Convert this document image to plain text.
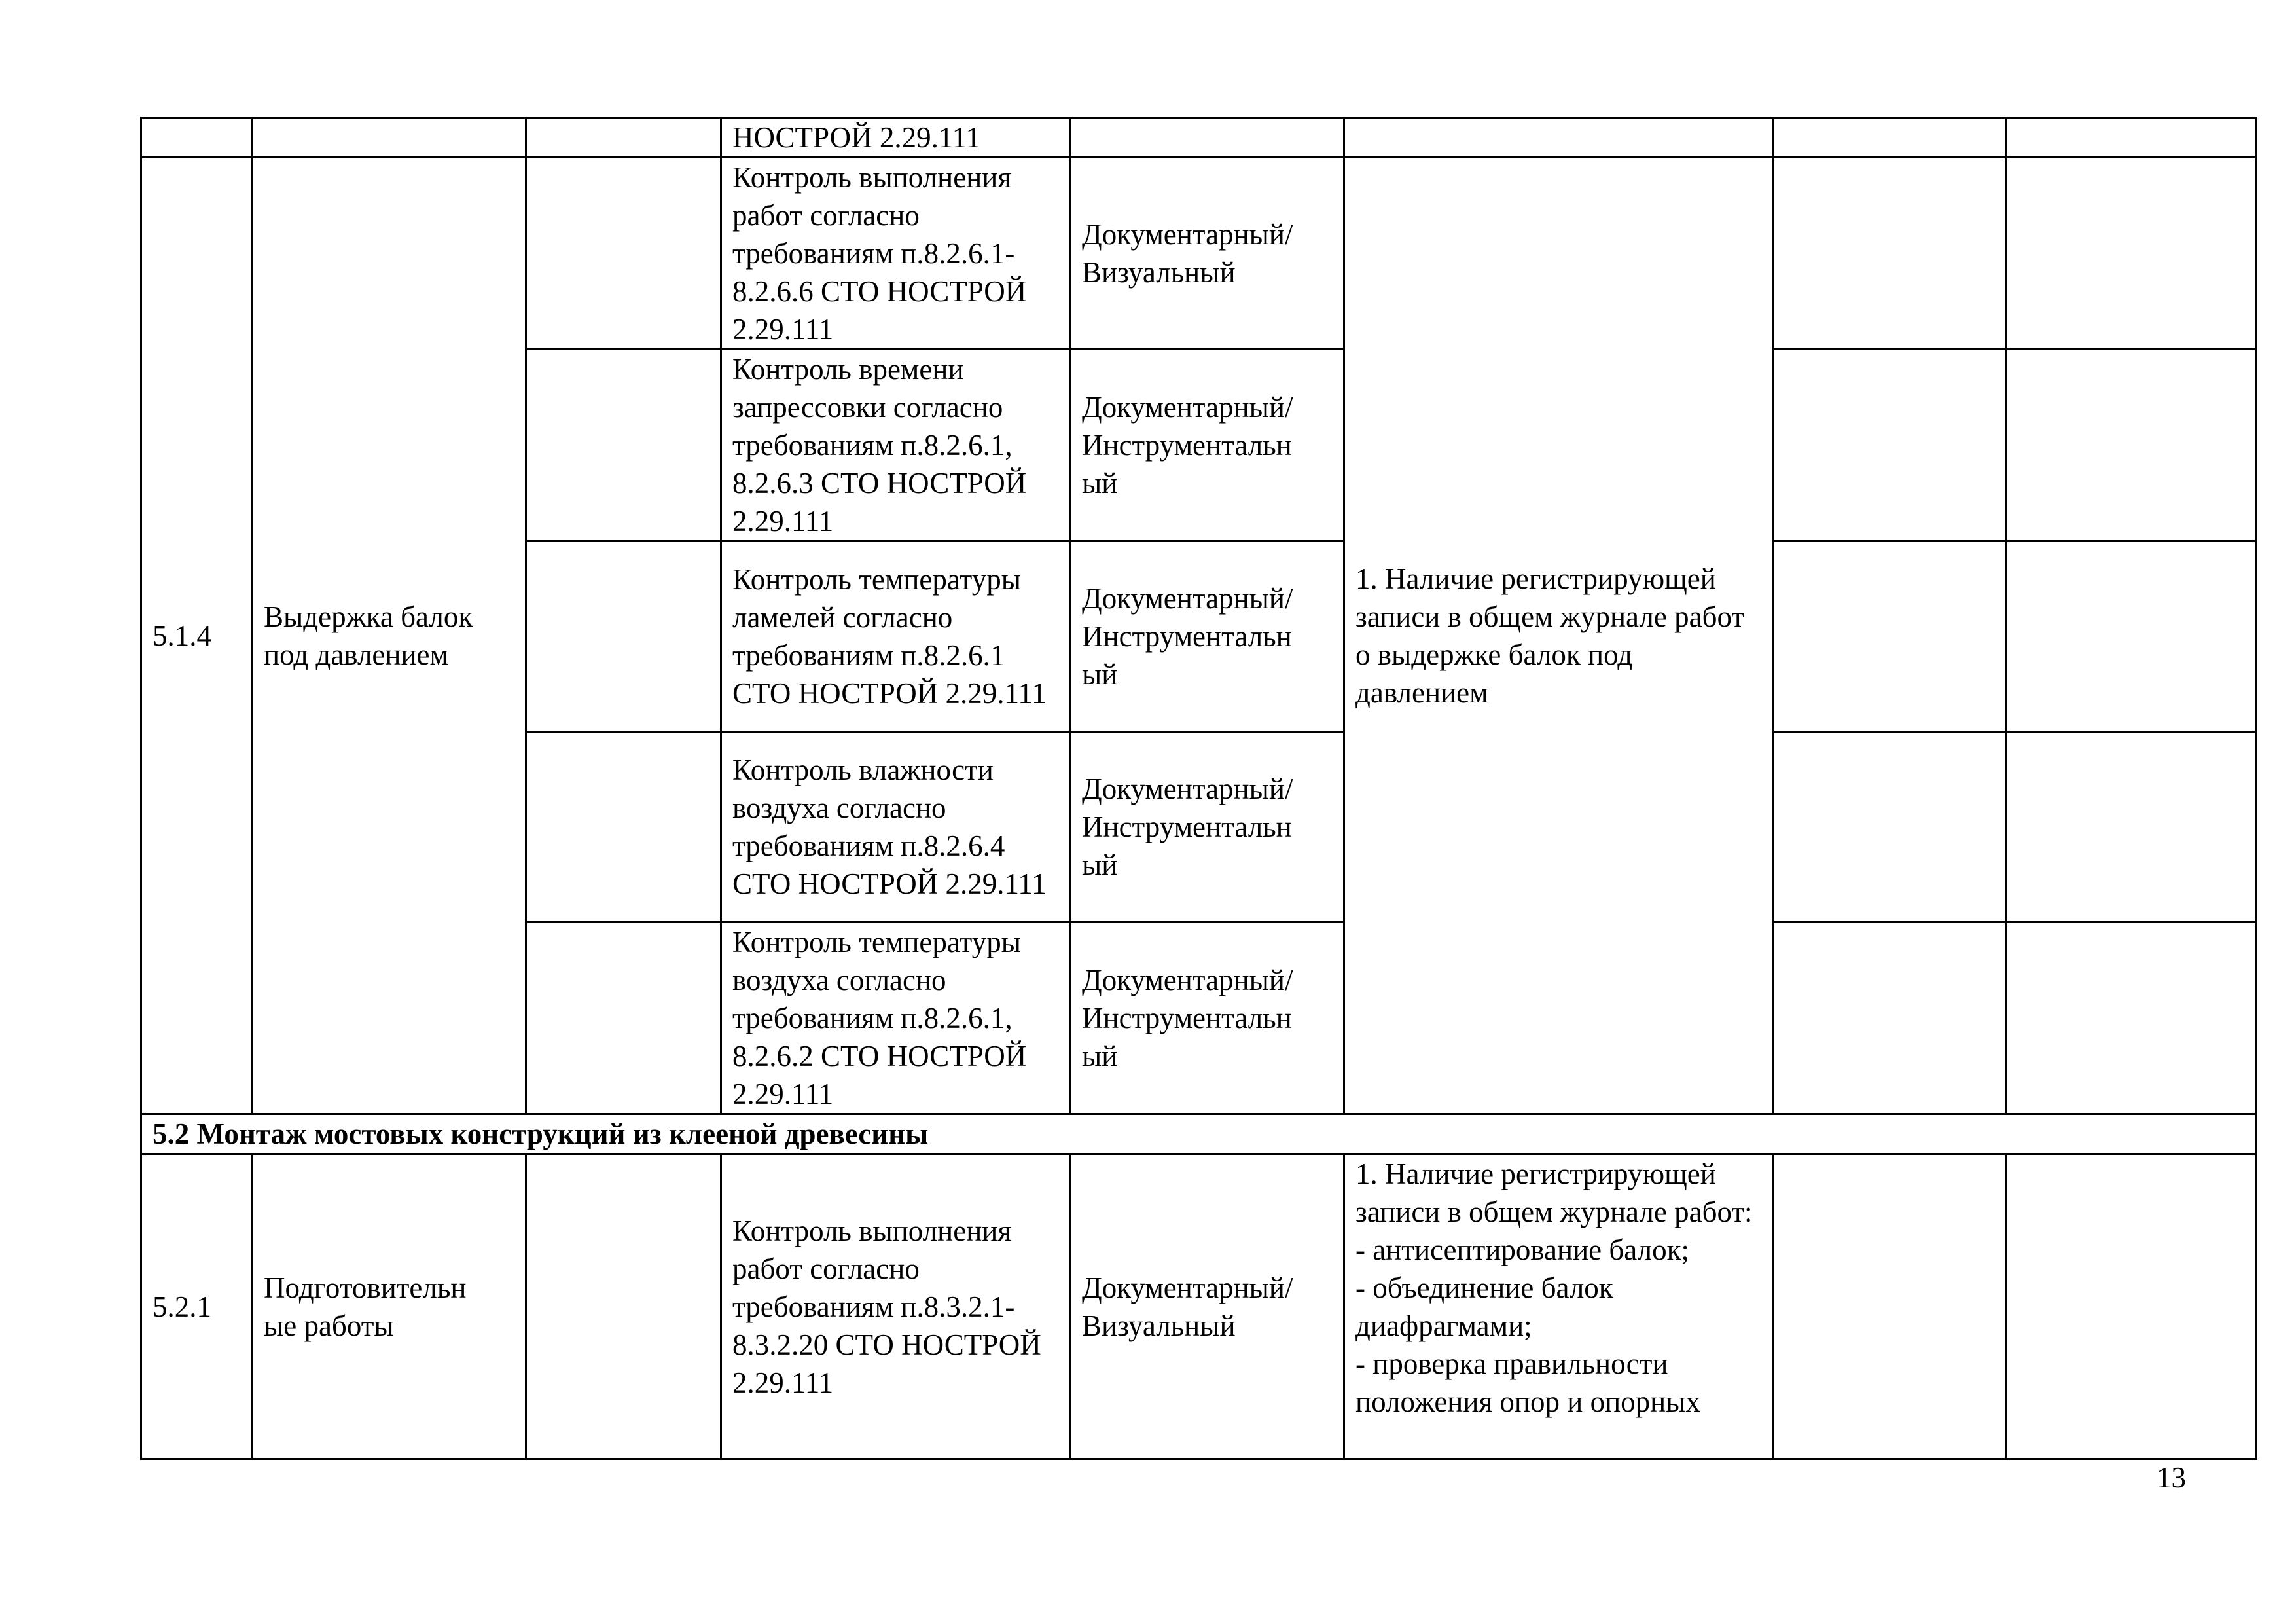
			НОСТРОЙ 2.29.111				
5.1.4	Выдержка балок под давлением		Контроль выполнения работ согласно требованиям п.8.2.6.1-8.2.6.6 СТО НОСТРОЙ 2.29.111	Документарный/
Визуальный	1. Наличие регистрирующей записи в общем журнале работ о выдержке балок под давлением		
			Контроль времени запрессовки согласно требованиям п.8.2.6.1, 8.2.6.3 СТО НОСТРОЙ 2.29.111	Документарный/
Инструментальн
ый			
			Контроль температуры ламелей согласно требованиям п.8.2.6.1 СТО НОСТРОЙ 2.29.111	Документарный/
Инструментальн
ый			
			Контроль влажности воздуха согласно требованиям п.8.2.6.4 СТО НОСТРОЙ 2.29.111	Документарный/
Инструментальн
ый			
			Контроль температуры воздуха согласно требованиям п.8.2.6.1, 8.2.6.2 СТО НОСТРОЙ 2.29.111	Документарный/
Инструментальн
ый			
5.2 Монтаж мостовых конструкций из клееной древесины							
5.2.1	Подготовительн
ые работы		Контроль выполнения работ согласно требованиям п.8.3.2.1-8.3.2.20 СТО НОСТРОЙ 2.29.111	Документарный/
Визуальный	1. Наличие регистрирующей записи в общем журнале работ:
- антисептирование балок;
- объединение балок диафрагмами;
- проверка правильности положения опор и опорных		
13
